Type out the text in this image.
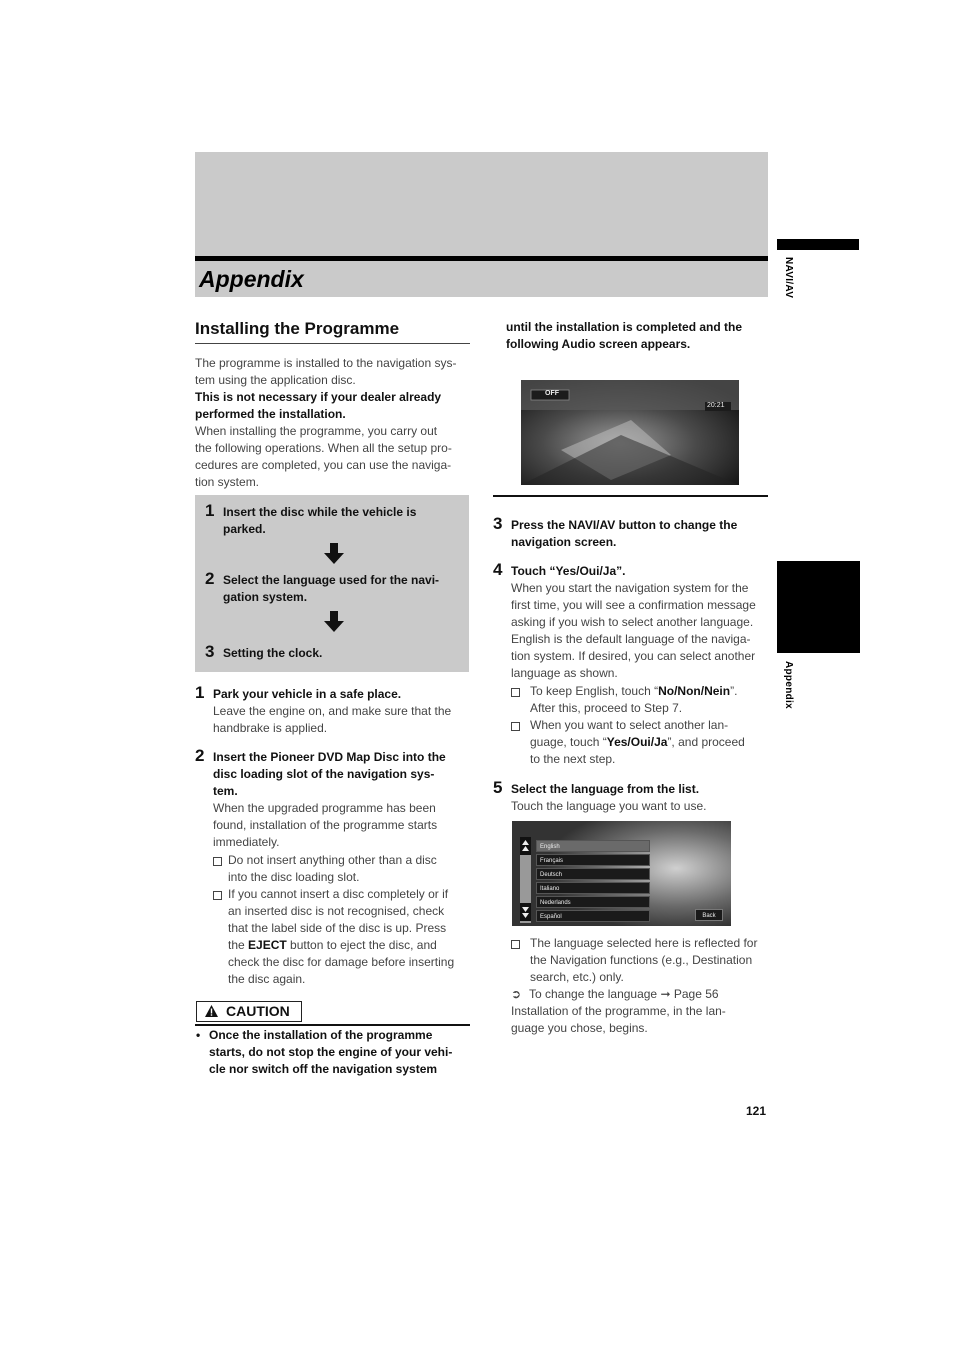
Appendix	NAVI/AV
Appendix
Installing the Programme
The programme is installed to the navigation sys-
tem using the application disc.
This is not necessary if your dealer already
performed the installation.
When installing the programme, you carry out
the following operations. When all the setup pro-
cedures are completed, you can use the naviga-
tion system.
1 Insert the disc while the vehicle is
parked.
2 Select the language used for the navi-
gation system.
3 Setting the clock.
1 Park your vehicle in a safe place.
Leave the engine on, and make sure that the
handbrake is applied.
2 Insert the Pioneer DVD Map Disc into the
disc loading slot of the navigation sys-
tem.
When the upgraded programme has been
found, installation of the programme starts
immediately.
Do not insert anything other than a disc
into the disc loading slot.
If you cannot insert a disc completely or if
an inserted disc is not recognised, check
that the label side of the disc is up. Press
the EJECT button to eject the disc, and
check the disc for damage before inserting
the disc again.
CAUTION
• Once the installation of the programme
starts, do not stop the engine of your vehi-
cle nor switch off the navigation system
until the installation is completed and the
following Audio screen appears.
OFF
20:21
3 Press the NAVI/AV button to change the
navigation screen.
4 Touch “Yes/Oui/Ja”.
When you start the navigation system for the
first time, you will see a confirmation message
asking if you wish to select another language.
English is the default language of the naviga-
tion system. If desired, you can select another
language as shown.
To keep English, touch “No/Non/Nein”.
After this, proceed to Step 7.
When you want to select another lan-
guage, touch “Yes/Oui/Ja”, and proceed
to the next step.
5 Select the language from the list.
Touch the language you want to use.
English
Français
Deutsch
Italiano
Nederlands
Español	Back
The language selected here is reflected for
the Navigation functions (e.g., Destination
search, etc.) only.
➲ To change the language ➞ Page 56
Installation of the programme, in the lan-
guage you chose, begins.
121
